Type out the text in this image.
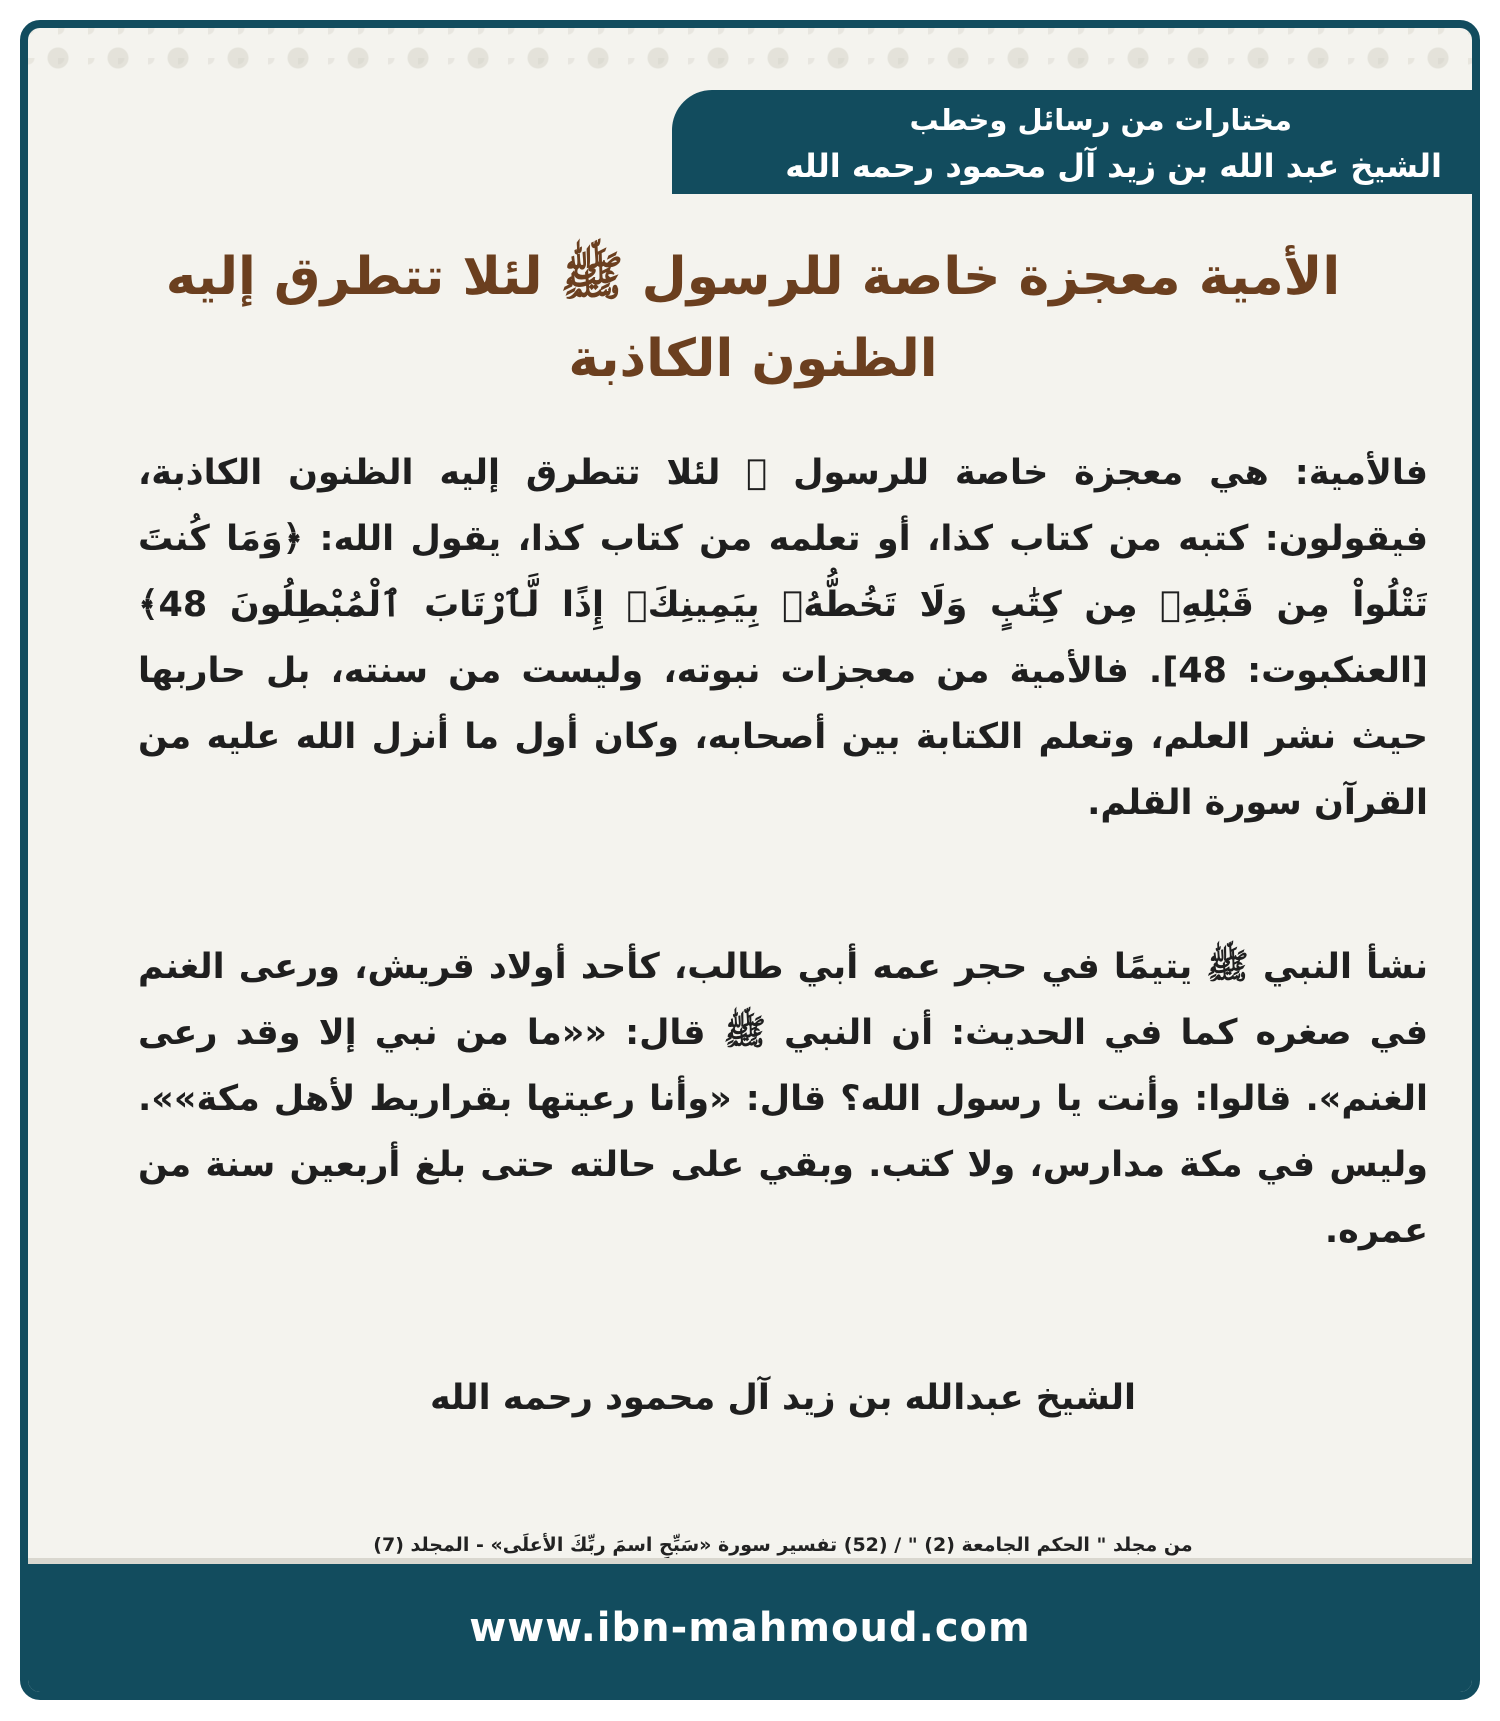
مختارات من رسائل وخطب
الشيخ عبد الله بن زيد آل محمود رحمه الله
الأمية معجزة خاصة للرسول ﷺ لئلا تتطرق إليه الظنون الكاذبة
فالأمية: هي معجزة خاصة للرسول ﷺ لئلا تتطرق إليه الظنون الكاذبة، فيقولون: كتبه من كتاب كذا، أو تعلمه من كتاب كذا، يقول الله: ﴿وَمَا كُنتَ تَتْلُواْ مِن قَبْلِهِۦ مِن كِتَٰبٍ وَلَا تَخُطُّهُۥ بِيَمِينِكَۖ إِذًا لَّٱرْتَابَ ٱلْمُبْطِلُونَ 48﴾ [العنكبوت: 48]. فالأمية من معجزات نبوته، وليست من سنته، بل حاربها حيث نشر العلم، وتعلم الكتابة بين أصحابه، وكان أول ما أنزل الله عليه من القرآن سورة القلم.
نشأ النبي ﷺ يتيمًا في حجر عمه أبي طالب، كأحد أولاد قريش، ورعى الغنم في صغره كما في الحديث: أن النبي ﷺ قال: ««ما من نبي إلا وقد رعى الغنم». قالوا: وأنت يا رسول الله؟ قال: «وأنا رعيتها بقراريط لأهل مكة»». وليس في مكة مدارس، ولا كتب. وبقي على حالته حتى بلغ أربعين سنة من عمره.
الشيخ عبدالله بن زيد آل محمود رحمه الله
من مجلد " الحكم الجامعة (2) " / (52) تفسير سورة «سَبِّحِ اسمَ ربِّكَ الأعلَى» - المجلد (7)
www.ibn-mahmoud.com
